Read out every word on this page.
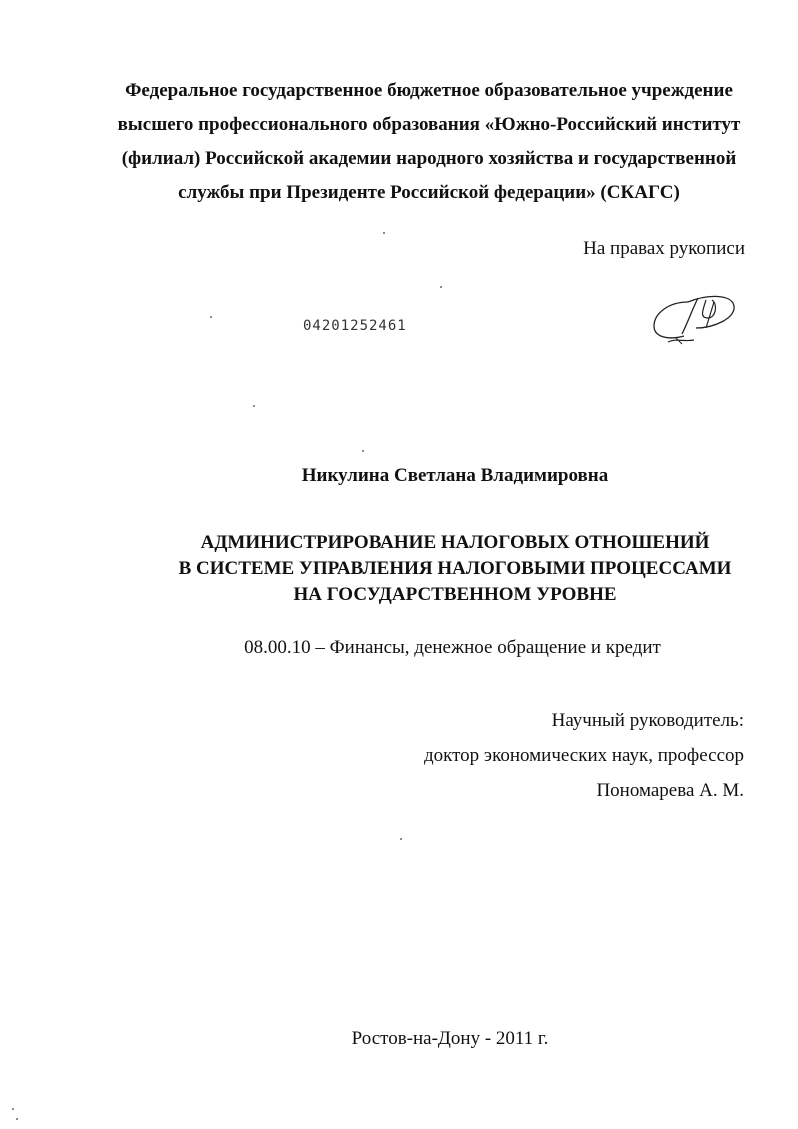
Федеральное государственное бюджетное образовательное учреждение
высшего профессионального образования «Южно-Российский институт
(филиал) Российской академии народного хозяйства и государственной
службы при Президенте Российской федерации» (СКАГС)
На правах рукописи
04201252461
Никулина Светлана Владимировна
АДМИНИСТРИРОВАНИЕ НАЛОГОВЫХ ОТНОШЕНИЙ
В СИСТЕМЕ УПРАВЛЕНИЯ НАЛОГОВЫМИ ПРОЦЕССАМИ
НА ГОСУДАРСТВЕННОМ УРОВНЕ
08.00.10 – Финансы, денежное обращение и кредит
Научный руководитель:
доктор экономических наук, профессор
Пономарева А. М.
Ростов-на-Дону - 2011 г.
